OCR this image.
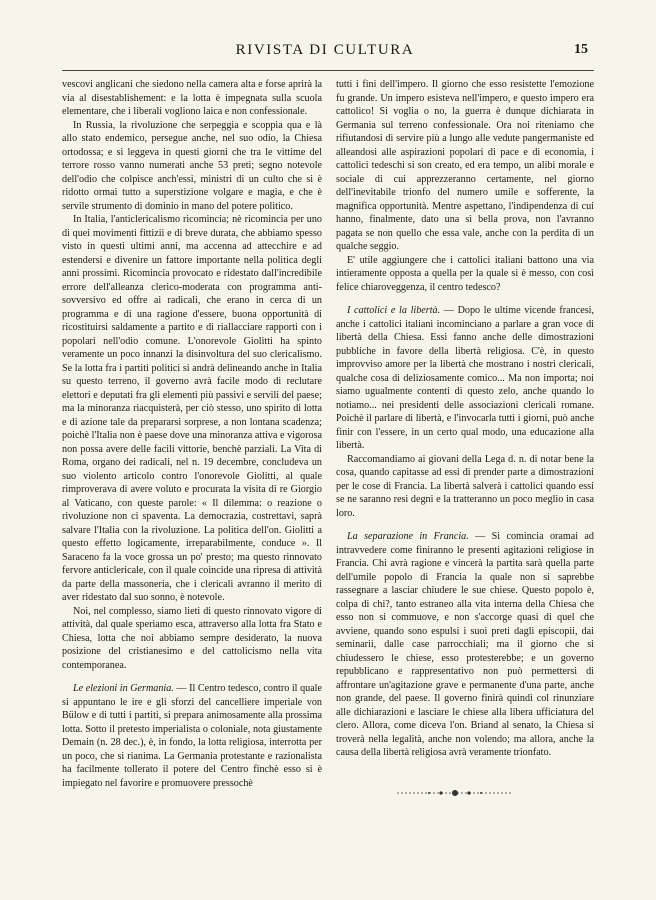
RIVISTA DI CULTURA	15

vescovi anglicani che siedono nella camera alta e forse aprirà la via al disestablishement: e la lotta è impegnata sulla scuola elementare, che i liberali vogliono laica e non confessionale.

In Russia, la rivoluzione che serpeggia e scoppia qua e là allo stato endemico, persegue anche, nel suo odio, la Chiesa ortodossa; e si leggeva in questi giorni che tra le vittime del terrore rosso vanno numerati anche 53 preti; segno notevole dell'odio che colpisce anch'essi, ministri di un culto che si è ridotto ormai tutto a superstizione volgare e magia, e che è servile strumento di dominio in mano del potere politico.

In Italia, l'anticlericalismo ricomincia; nè ricomincia per uno di quei movimenti fittizii e di breve durata, che abbiamo spesso visto in questi ultimi anni, ma accenna ad attecchire e ad estendersi e divenire un fattore importante nella politica degli anni prossimi. Ricomincia provocato e ridestato dall'incredibile errore dell'alleanza clerico-moderata con programma anti-sovversivo ed offre ai radicali, che erano in cerca di un programma e di una ragione d'essere, buona opportunità di ricostituirsi saldamente a partito e di riallacciare rapporti con i popolari nell'odio comune. L'onorevole Giolitti ha spinto veramente un poco innanzi la disinvoltura del suo clericalismo. Se la lotta fra i partiti politici si andrà delineando anche in Italia su questo terreno, il governo avrà facile modo di reclutare elettori e deputati fra gli elementi più passivi e servili del paese; ma la minoranza riacquisterà, per ciò stesso, uno spirito di lotta e di azione tale da prepararsi sorprese, a non lontana scadenza; poichè l'Italia non è paese dove una minoranza attiva e vigorosa non possa avere delle facili vittorie, benchè parziali. La Vita di Roma, organo dei radicali, nel n. 19 decembre, concludeva un suo violento articolo contro l'onorevole Giolitti, al quale rimproverava di avere voluto e procurata la visita di re Giorgio al Vaticano, con queste parole: « Il dilemma: o reazione o rivoluzione non ci spaventa. La democrazia, costrettavi, saprà salvare l'Italia con la rivoluzione. La politica dell'on. Giolitti a questo effetto logicamente, irreparabilmente, conduce ». Il Saraceno fa la voce grossa un po' presto; ma questo rinnovato fervore anticlericale, con il quale coincide una ripresa di attività da parte della massoneria, che i clericali avranno il merito di aver ridestato dal suo sonno, è notevole.

Noi, nel complesso, siamo lieti di questo rinnovato vigore di attività, dal quale speriamo esca, attraverso alla lotta fra Stato e Chiesa, lotta che noi abbiamo sempre desiderato, la nuova posizione del cristianesimo e del cattolicismo nella vita contemporanea.

Le elezioni in Germania. — Il Centro tedesco, contro il quale si appuntano le ire e gli sforzi del cancelliere imperiale von Bülow e di tutti i partiti, si prepara animosamente alla prossima lotta. Sotto il pretesto imperialista o coloniale, nota giustamente Demain (n. 28 dec.), è, in fondo, la lotta religiosa, interrotta per un poco, che si rianima. La Germania protestante e razionalista ha facilmente tollerato il potere del Centro finchè esso si è impiegato nel favorire e promuovere pressochè

tutti i fini dell'impero. Il giorno che esso resistette l'emozione fu grande. Un impero esisteva nell'impero, e questo impero era cattolico! Si voglia o no, la guerra è dunque dichiarata in Germania sul terreno confessionale. Ora noi riteniamo che rifiutandosi di servire più a lungo alle vedute pangermaniste ed alleandosi alle aspirazioni popolari di pace e di economia, i cattolici tedeschi si son creato, ed era tempo, un alibi morale e sociale di cui apprezzeranno certamente, nel giorno dell'inevitabile trionfo del numero umile e sofferente, la magnifica opportunità. Mentre aspettano, l'indipendenza di cui hanno, finalmente, dato una sì bella prova, non l'avranno pagata se non quello che essa vale, anche con la perdita di un qualche seggio.

E' utile aggiungere che i cattolici italiani battono una via intieramente opposta a quella per la quale si è messo, con così felice chiaroveggenza, il centro tedesco?

I cattolici e la libertà. — Dopo le ultime vicende francesi, anche i cattolici italiani incominciano a parlare a gran voce di libertà della Chiesa. Essi fanno anche delle dimostrazioni pubbliche in favore della libertà religiosa. C'è, in questo improvviso amore per la libertà che mostrano i nostri clericali, qualche cosa di deliziosamente comico... Ma non importa; noi siamo ugualmente contenti di questo zelo, anche quando lo notiamo... nei presidenti delle associazioni clericali romane. Poichè il parlare di libertà, e l'invocarla tutti i giorni, può anche finir con l'essere, in un certo qual modo, una educazione alla libertà.

Raccomandiamo ai giovani della Lega d. n. di notar bene la cosa, quando capitasse ad essi di prender parte a dimostrazioni per le cose di Francia. La libertà salverà i cattolici quando essi se ne saranno resi degni e la tratteranno un poco meglio in casa loro.

La separazione in Francia. — Si comincia oramai ad intravvedere come finiranno le presenti agitazioni religiose in Francia. Chi avrà ragione e vincerà la partita sarà quella parte dell'umile popolo di Francia la quale non si saprebbe rassegnare a lasciar chiudere le sue chiese. Questo popolo è, colpa di chi?, tanto estraneo alla vita interna della Chiesa che esso non si commuove, e non s'accorge quasi di quel che avviene, quando sono espulsi i suoi preti dagli episcopii, dai seminarii, dalle case parrocchiali; ma il giorno che si chiudessero le chiese, esso protesterebbe; e un governo repubblicano e rappresentativo non può permettersi di affrontare un'agitazione grave e permanente d'una parte, anche non grande, del paese. Il governo finirà quindi col rinunziare alle dichiarazioni e lasciare le chiese alla libera ufficiatura del clero. Allora, come diceva l'on. Briand al senato, la Chiesa si troverà nella legalità, anche non volendo; ma allora, anche la causa della libertà religiosa avrà veramente trionfato.
